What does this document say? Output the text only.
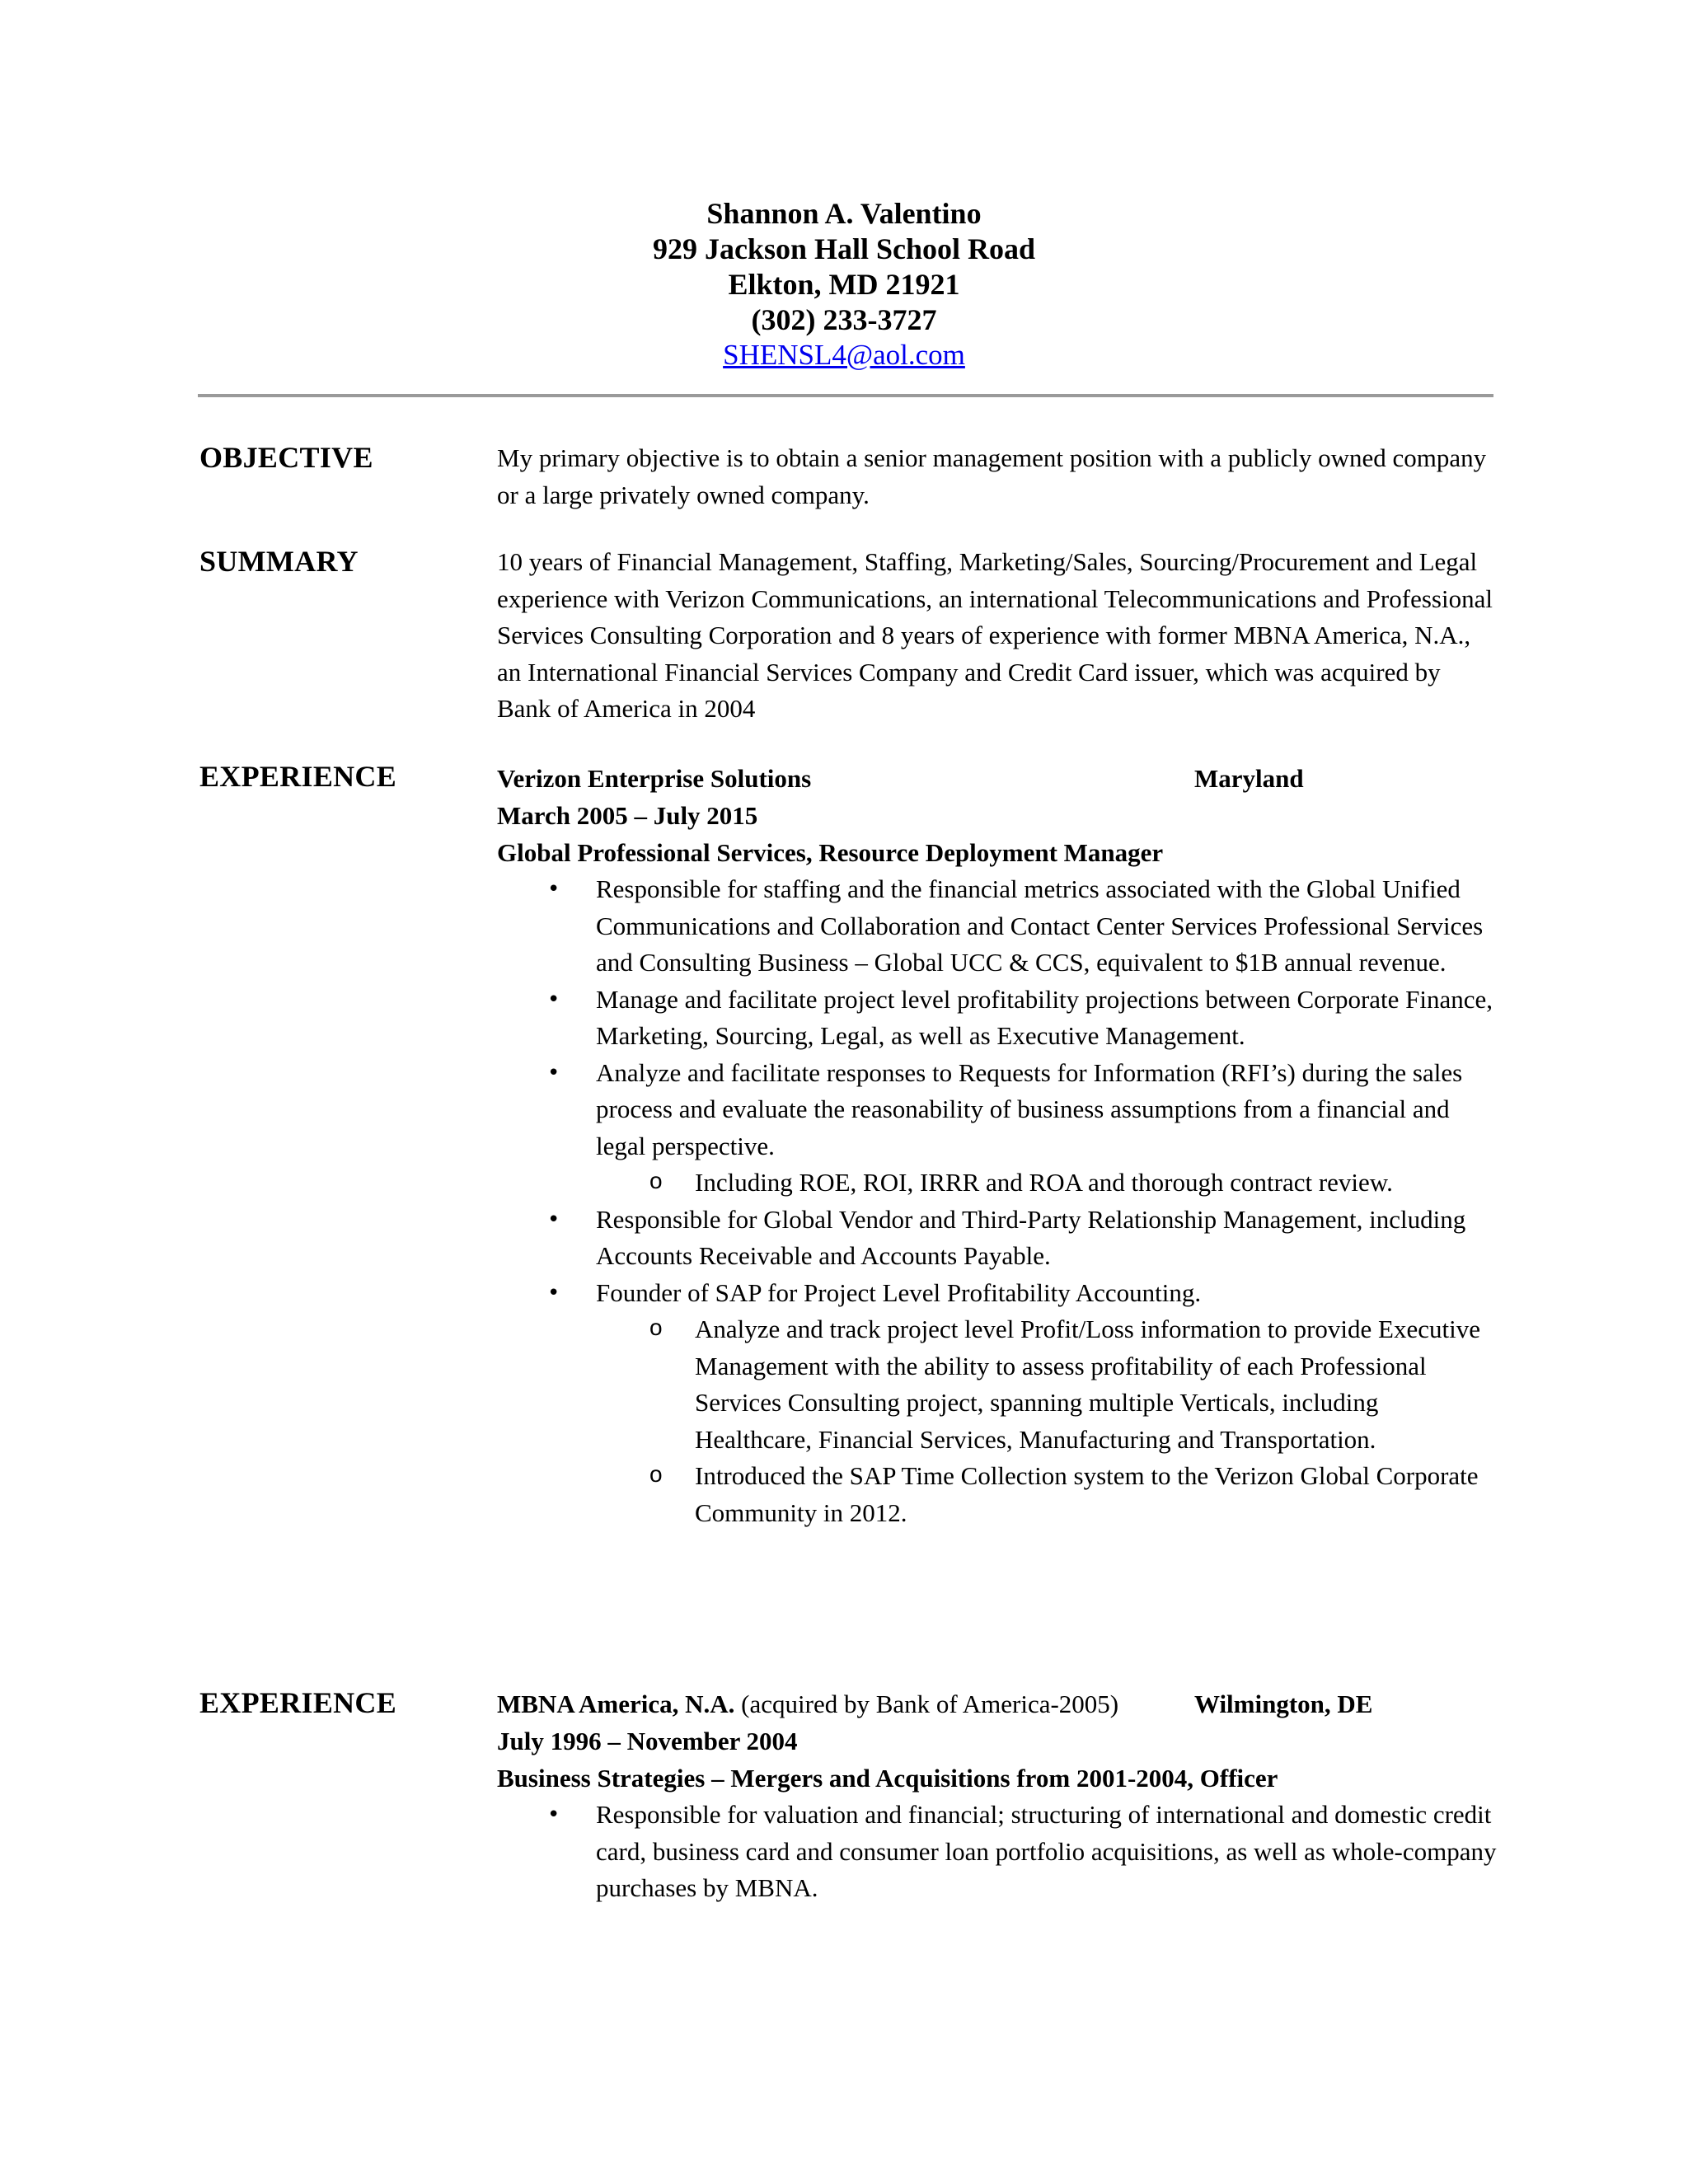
Shannon A. Valentino
929 Jackson Hall School Road
Elkton, MD 21921
(302) 233-3727
SHENSL4@aol.com
OBJECTIVE	My primary objective is to obtain a senior management position with a publicly owned company or a large privately owned company.

SUMMARY	10 years of Financial Management, Staffing, Marketing/Sales, Sourcing/Procurement and Legal experience with Verizon Communications, an international Telecommunications and Professional Services Consulting Corporation and 8 years of experience with former MBNA America, N.A., an International Financial Services Company and Credit Card issuer, which was acquired by Bank of America in 2004

EXPERIENCE	Verizon Enterprise Solutions	Maryland
March 2005 – July 2015
Global Professional Services, Resource Deployment Manager
• Responsible for staffing and the financial metrics associated with the Global Unified Communications and Collaboration and Contact Center Services Professional Services and Consulting Business – Global UCC & CCS, equivalent to $1B annual revenue.
• Manage and facilitate project level profitability projections between Corporate Finance, Marketing, Sourcing, Legal, as well as Executive Management.
• Analyze and facilitate responses to Requests for Information (RFI’s) during the sales process and evaluate the reasonability of business assumptions from a financial and legal perspective.
o Including ROE, ROI, IRRR and ROA and thorough contract review.
• Responsible for Global Vendor and Third-Party Relationship Management, including Accounts Receivable and Accounts Payable.
• Founder of SAP for Project Level Profitability Accounting.
o Analyze and track project level Profit/Loss information to provide Executive Management with the ability to assess profitability of each Professional Services Consulting project, spanning multiple Verticals, including Healthcare, Financial Services, Manufacturing and Transportation.
o Introduced the SAP Time Collection system to the Verizon Global Corporate Community in 2012.
EXPERIENCE	MBNA America, N.A. (acquired by Bank of America-2005)	Wilmington, DE
July 1996 – November 2004
Business Strategies – Mergers and Acquisitions from 2001-2004, Officer
• Responsible for valuation and financial; structuring of international and domestic credit card, business card and consumer loan portfolio acquisitions, as well as whole-company purchases by MBNA.
